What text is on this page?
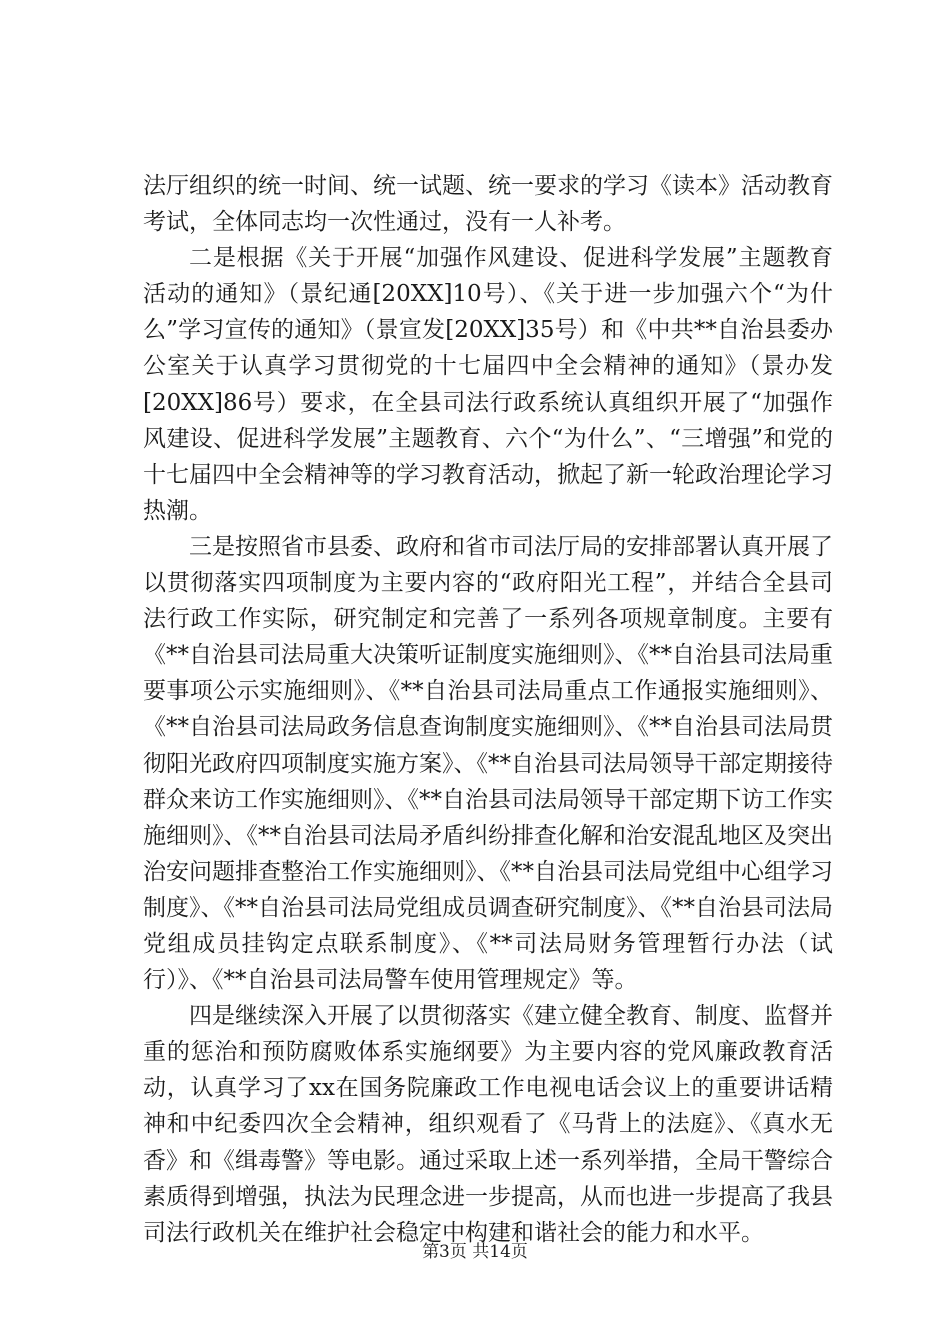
法厅组织的统一时间、统一试题、统一要求的学习《读本》活动教育考试，全体同志均一次性通过，没有一人补考。

二是根据《关于开展“加强作风建设、促进科学发展”主题教育活动的通知》（景纪通[20XX]10号）、《关于进一步加强六个“为什么”学习宣传的通知》（景宣发[20XX]35号）和《中共**自治县委办公室关于认真学习贯彻党的十七届四中全会精神的通知》（景办发[20XX]86号）要求，在全县司法行政系统认真组织开展了“加强作风建设、促进科学发展”主题教育、六个“为什么”、“三增强”和党的十七届四中全会精神等的学习教育活动，掀起了新一轮政治理论学习热潮。

三是按照省市县委、政府和省市司法厅局的安排部署认真开展了以贯彻落实四项制度为主要内容的“政府阳光工程”，并结合全县司法行政工作实际，研究制定和完善了一系列各项规章制度。主要有《**自治县司法局重大决策听证制度实施细则》、《**自治县司法局重要事项公示实施细则》、《**自治县司法局重点工作通报实施细则》、《**自治县司法局政务信息查询制度实施细则》、《**自治县司法局贯彻阳光政府四项制度实施方案》、《**自治县司法局领导干部定期接待群众来访工作实施细则》、《**自治县司法局领导干部定期下访工作实施细则》、《**自治县司法局矛盾纠纷排查化解和治安混乱地区及突出治安问题排查整治工作实施细则》、《**自治县司法局党组中心组学习制度》、《**自治县司法局党组成员调查研究制度》、《**自治县司法局党组成员挂钩定点联系制度》、《**司法局财务管理暂行办法（试行）》、《**自治县司法局警车使用管理规定》等。

四是继续深入开展了以贯彻落实《建立健全教育、制度、监督并重的惩治和预防腐败体系实施纲要》为主要内容的党风廉政教育活动，认真学习了xx在国务院廉政工作电视电话会议上的重要讲话精神和中纪委四次全会精神，组织观看了《马背上的法庭》、《真水无香》和《缉毒警》等电影。通过采取上述一系列举措，全局干警综合素质得到增强，执法为民理念进一步提高，从而也进一步提高了我县司法行政机关在维护社会稳定中构建和谐社会的能力和水平。

第3页 共14页
